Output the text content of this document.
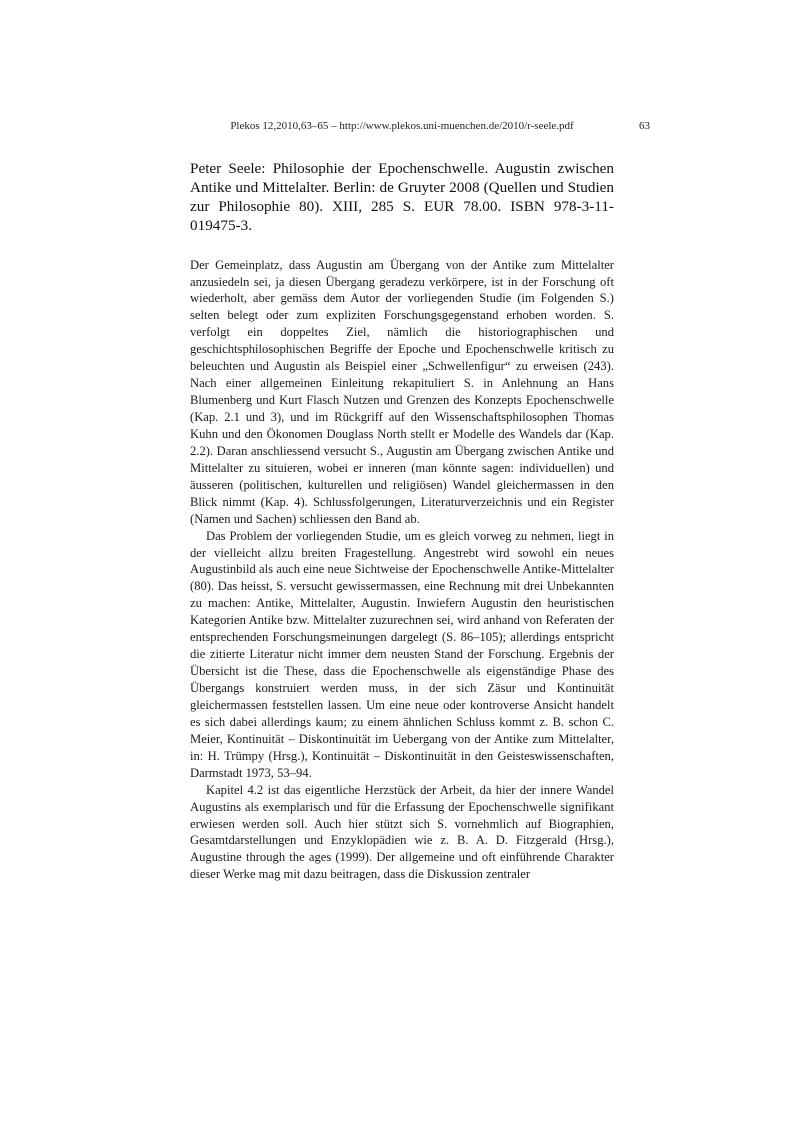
Plekos 12,2010,63–65 – http://www.plekos.uni-muenchen.de/2010/r-seele.pdf	63

Peter Seele: Philosophie der Epochenschwelle. Augustin zwischen Antike und Mittelalter. Berlin: de Gruyter 2008 (Quellen und Studien zur Philosophie 80). XIII, 285 S. EUR 78.00. ISBN 978-3-11-019475-3.

Der Gemeinplatz, dass Augustin am Übergang von der Antike zum Mittelalter anzusiedeln sei, ja diesen Übergang geradezu verkörpere, ist in der Forschung oft wiederholt, aber gemäss dem Autor der vorliegenden Studie (im Folgenden S.) selten belegt oder zum expliziten Forschungsgegenstand erhoben worden. S. verfolgt ein doppeltes Ziel, nämlich die historiographischen und geschichtsphilosophischen Begriffe der Epoche und Epochenschwelle kritisch zu beleuchten und Augustin als Beispiel einer „Schwellenfigur“ zu erweisen (243). Nach einer allgemeinen Einleitung rekapituliert S. in Anlehnung an Hans Blumenberg und Kurt Flasch Nutzen und Grenzen des Konzepts Epochenschwelle (Kap. 2.1 und 3), und im Rückgriff auf den Wissenschaftsphilosophen Thomas Kuhn und den Ökonomen Douglass North stellt er Modelle des Wandels dar (Kap. 2.2). Daran anschliessend versucht S., Augustin am Übergang zwischen Antike und Mittelalter zu situieren, wobei er inneren (man könnte sagen: individuellen) und äusseren (politischen, kulturellen und religiösen) Wandel gleichermassen in den Blick nimmt (Kap. 4). Schlussfolgerungen, Literaturverzeichnis und ein Register (Namen und Sachen) schliessen den Band ab.

Das Problem der vorliegenden Studie, um es gleich vorweg zu nehmen, liegt in der vielleicht allzu breiten Fragestellung. Angestrebt wird sowohl ein neues Augustinbild als auch eine neue Sichtweise der Epochenschwelle Antike-Mittelalter (80). Das heisst, S. versucht gewissermassen, eine Rechnung mit drei Unbekannten zu machen: Antike, Mittelalter, Augustin. Inwiefern Augustin den heuristischen Kategorien Antike bzw. Mittelalter zuzurechnen sei, wird anhand von Referaten der entsprechenden Forschungsmeinungen dargelegt (S. 86–105); allerdings entspricht die zitierte Literatur nicht immer dem neusten Stand der Forschung. Ergebnis der Übersicht ist die These, dass die Epochenschwelle als eigenständige Phase des Übergangs konstruiert werden muss, in der sich Zäsur und Kontinuität gleichermassen feststellen lassen. Um eine neue oder kontroverse Ansicht handelt es sich dabei allerdings kaum; zu einem ähnlichen Schluss kommt z. B. schon C. Meier, Kontinuität – Diskontinuität im Uebergang von der Antike zum Mittelalter, in: H. Trümpy (Hrsg.), Kontinuität – Diskontinuität in den Geisteswissenschaften, Darmstadt 1973, 53–94.

Kapitel 4.2 ist das eigentliche Herzstück der Arbeit, da hier der innere Wandel Augustins als exemplarisch und für die Erfassung der Epochenschwelle signifikant erwiesen werden soll. Auch hier stützt sich S. vornehmlich auf Biographien, Gesamtdarstellungen und Enzyklopädien wie z. B. A. D. Fitzgerald (Hrsg.), Augustine through the ages (1999). Der allgemeine und oft einführende Charakter dieser Werke mag mit dazu beitragen, dass die Diskussion zentraler
